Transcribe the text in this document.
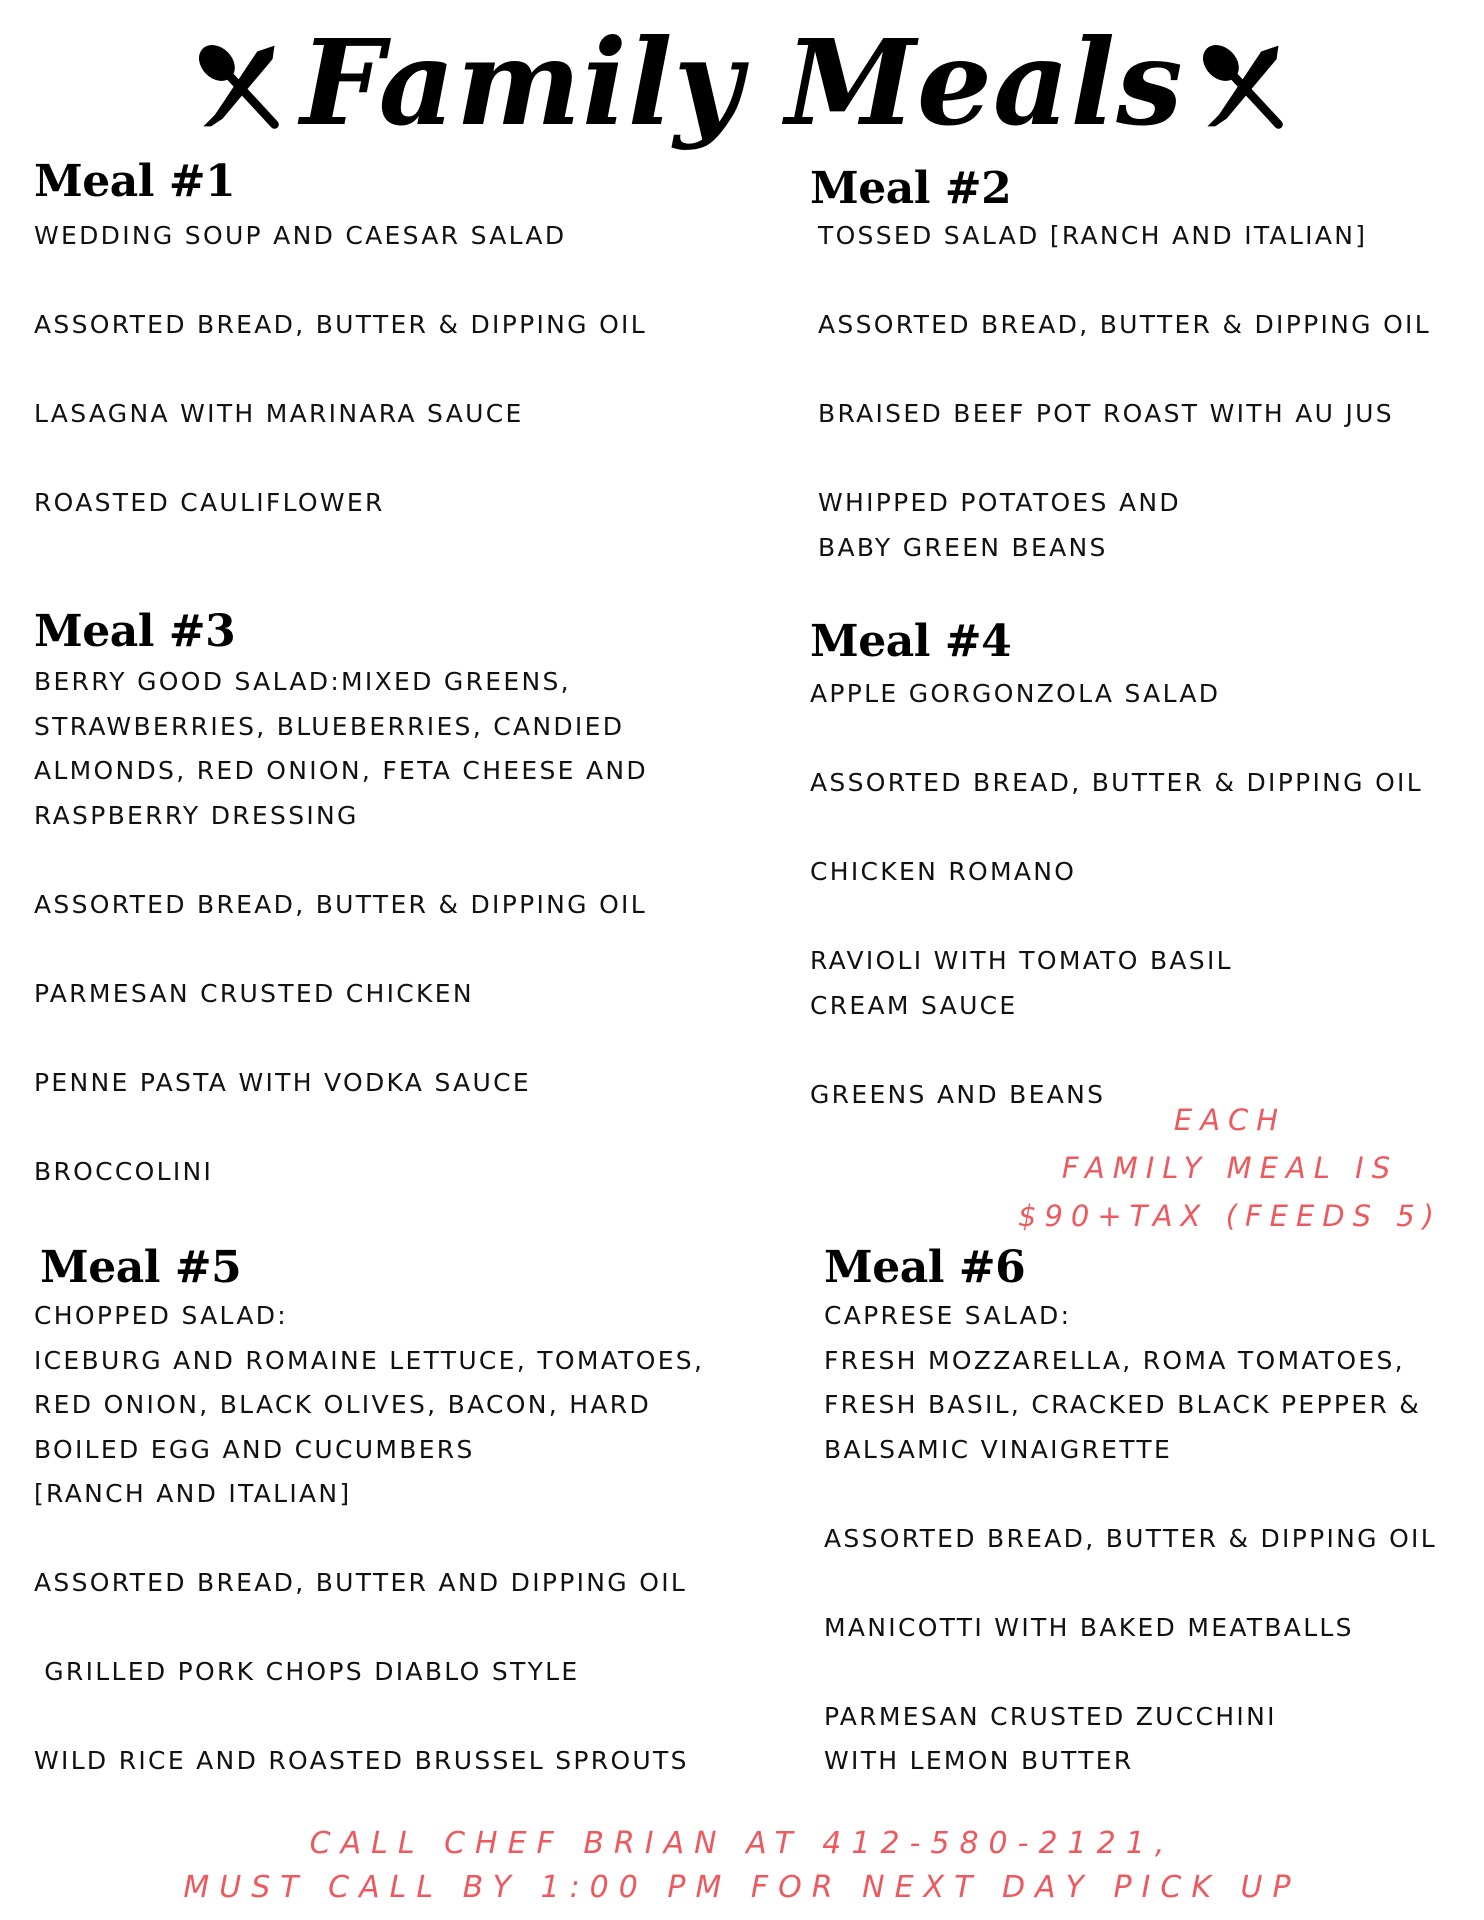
Family Meals
Meal #1
WEDDING SOUP AND CAESAR SALAD
ASSORTED BREAD, BUTTER & DIPPING OIL
LASAGNA WITH MARINARA SAUCE
ROASTED CAULIFLOWER
Meal #2
TOSSED SALAD [RANCH AND ITALIAN]
ASSORTED BREAD, BUTTER & DIPPING OIL
BRAISED BEEF POT ROAST WITH AU JUS
WHIPPED POTATOES AND
BABY GREEN BEANS
Meal #3
BERRY GOOD SALAD:MIXED GREENS,
STRAWBERRIES, BLUEBERRIES, CANDIED
ALMONDS, RED ONION, FETA CHEESE AND
RASPBERRY DRESSING
ASSORTED BREAD, BUTTER & DIPPING OIL
PARMESAN CRUSTED CHICKEN
PENNE PASTA WITH VODKA SAUCE
BROCCOLINI
Meal #4
APPLE GORGONZOLA SALAD
ASSORTED BREAD, BUTTER & DIPPING OIL
CHICKEN ROMANO
RAVIOLI WITH TOMATO BASIL
CREAM SAUCE
GREENS AND BEANS
Meal #5
CHOPPED SALAD:
ICEBURG AND ROMAINE LETTUCE, TOMATOES,
RED ONION, BLACK OLIVES, BACON, HARD
BOILED EGG AND CUCUMBERS
[RANCH AND ITALIAN]
ASSORTED BREAD, BUTTER AND DIPPING OIL
GRILLED PORK CHOPS DIABLO STYLE
WILD RICE AND ROASTED BRUSSEL SPROUTS
Meal #6
CAPRESE SALAD:
FRESH MOZZARELLA, ROMA TOMATOES,
FRESH BASIL, CRACKED BLACK PEPPER &
BALSAMIC VINAIGRETTE
ASSORTED BREAD, BUTTER & DIPPING OIL
MANICOTTI WITH BAKED MEATBALLS
PARMESAN CRUSTED ZUCCHINI
WITH LEMON BUTTER
EACH
FAMILY MEAL IS
$90+TAX (FEEDS 5)
CALL CHEF BRIAN AT 412-580-2121,
MUST CALL BY 1:00 PM FOR NEXT DAY PICK UP
